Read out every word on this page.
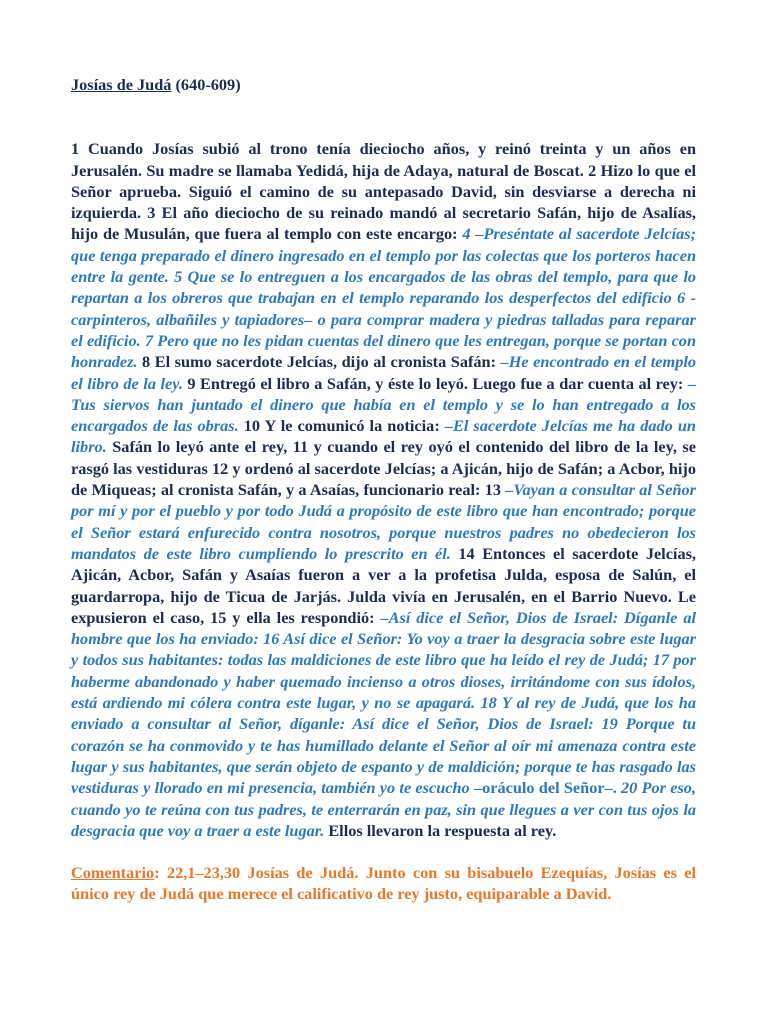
Josías de Judá (640-609)

1 Cuando Josías subió al trono tenía dieciocho años, y reinó treinta y un años en Jerusalén. Su madre se llamaba Yedidá, hija de Adaya, natural de Boscat. 2 Hizo lo que el Señor aprueba. Siguió el camino de su antepasado David, sin desviarse a derecha ni izquierda. 3 El año dieciocho de su reinado mandó al secretario Safán, hijo de Asalías, hijo de Musulán, que fuera al templo con este encargo: 4 –Preséntate al sacerdote Jelcías; que tenga preparado el dinero ingresado en el templo por las colectas que los porteros hacen entre la gente. 5 Que se lo entreguen a los encargados de las obras del templo, para que lo repartan a los obreros que trabajan en el templo reparando los desperfectos del edificio 6 -carpinteros, albañiles y tapiadores– o para comprar madera y piedras talladas para reparar el edificio. 7 Pero que no les pidan cuentas del dinero que les entregan, porque se portan con honradez. 8 El sumo sacerdote Jelcías, dijo al cronista Safán: –He encontrado en el templo el libro de la ley. 9 Entregó el libro a Safán, y éste lo leyó. Luego fue a dar cuenta al rey: –Tus siervos han juntado el dinero que había en el templo y se lo han entregado a los encargados de las obras. 10 Y le comunicó la noticia: –El sacerdote Jelcías me ha dado un libro. Safán lo leyó ante el rey, 11 y cuando el rey oyó el contenido del libro de la ley, se rasgó las vestiduras 12 y ordenó al sacerdote Jelcías; a Ajicán, hijo de Safán; a Acbor, hijo de Miqueas; al cronista Safán, y a Asaías, funcionario real: 13 –Vayan a consultar al Señor por mí y por el pueblo y por todo Judá a propósito de este libro que han encontrado; porque el Señor estará enfurecido contra nosotros, porque nuestros padres no obedecieron los mandatos de este libro cumpliendo lo prescrito en él. 14 Entonces el sacerdote Jelcías, Ajicán, Acbor, Safán y Asaías fueron a ver a la profetisa Julda, esposa de Salún, el guardarropa, hijo de Ticua de Jarjás. Julda vivía en Jerusalén, en el Barrio Nuevo. Le expusieron el caso, 15 y ella les respondió: –Así dice el Señor, Dios de Israel: Díganle al hombre que los ha enviado: 16 Así dice el Señor: Yo voy a traer la desgracia sobre este lugar y todos sus habitantes: todas las maldiciones de este libro que ha leído el rey de Judá; 17 por haberme abandonado y haber quemado incienso a otros dioses, irritándome con sus ídolos, está ardiendo mi cólera contra este lugar, y no se apagará. 18 Y al rey de Judá, que los ha enviado a consultar al Señor, díganle: Así dice el Señor, Dios de Israel: 19 Porque tu corazón se ha conmovido y te has humillado delante el Señor al oír mi amenaza contra este lugar y sus habitantes, que serán objeto de espanto y de maldición; porque te has rasgado las vestiduras y llorado en mi presencia, también yo te escucho –oráculo del Señor–. 20 Por eso, cuando yo te reúna con tus padres, te enterrarán en paz, sin que llegues a ver con tus ojos la desgracia que voy a traer a este lugar. Ellos llevaron la respuesta al rey.

Comentario: 22,1–23,30 Josías de Judá. Junto con su bisabuelo Ezequías, Josías es el único rey de Judá que merece el calificativo de rey justo, equiparable a David.
